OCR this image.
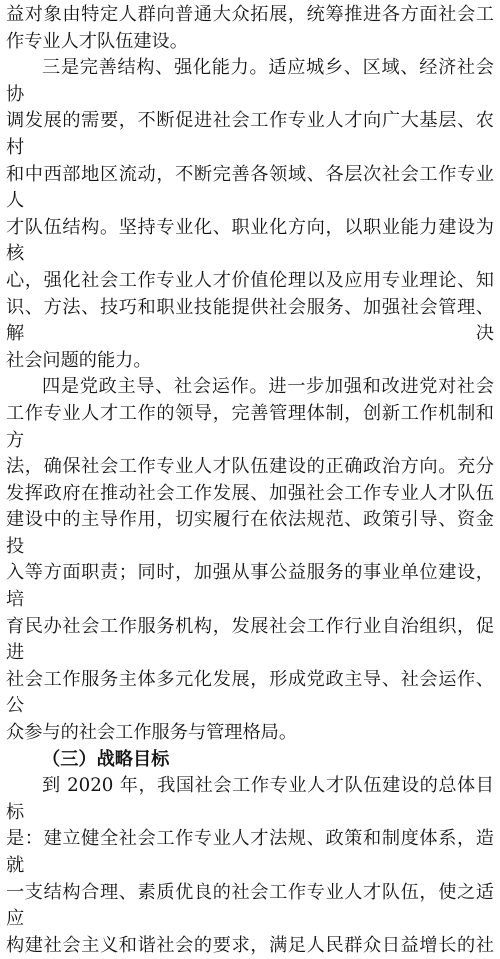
益对象由特定人群向普通大众拓展，统筹推进各方面社会工
作专业人才队伍建设。

三是完善结构、强化能力。适应城乡、区域、经济社会协
调发展的需要，不断促进社会工作专业人才向广大基层、农村
和中西部地区流动，不断完善各领域、各层次社会工作专业人
才队伍结构。坚持专业化、职业化方向，以职业能力建设为核
心，强化社会工作专业人才价值伦理以及应用专业理论、知
识、方法、技巧和职业技能提供社会服务、加强社会管理、解决
社会问题的能力。

四是党政主导、社会运作。进一步加强和改进党对社会
工作专业人才工作的领导，完善管理体制，创新工作机制和方
法，确保社会工作专业人才队伍建设的正确政治方向。充分
发挥政府在推动社会工作发展、加强社会工作专业人才队伍
建设中的主导作用，切实履行在依法规范、政策引导、资金投
入等方面职责；同时，加强从事公益服务的事业单位建设，培
育民办社会工作服务机构，发展社会工作行业自治组织，促进
社会工作服务主体多元化发展，形成党政主导、社会运作、公
众参与的社会工作服务与管理格局。

（三）战略目标

到 2020 年，我国社会工作专业人才队伍建设的总体目标
是：建立健全社会工作专业人才法规、政策和制度体系，造就
一支结构合理、素质优良的社会工作专业人才队伍，使之适应
构建社会主义和谐社会的要求，满足人民群众日益增长的社
